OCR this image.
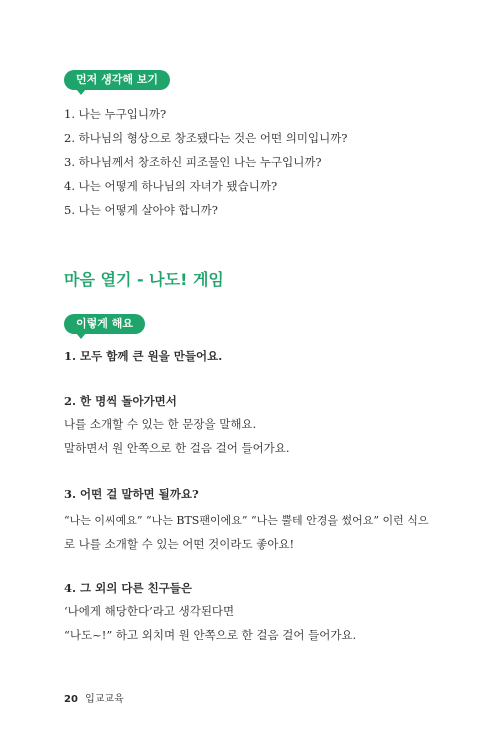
먼저 생각해 보기
1. 나는 누구입니까?
2. 하나님의 형상으로 창조됐다는 것은 어떤 의미입니까?
3. 하나님께서 창조하신 피조물인 나는 누구입니까?
4. 나는 어떻게 하나님의 자녀가 됐습니까?
5. 나는 어떻게 살아야 합니까?
마음 열기 - 나도! 게임
이렇게 해요
1. 모두 함께 큰 원을 만들어요.
2. 한 명씩 돌아가면서
나를 소개할 수 있는 한 문장을 말해요.
말하면서 원 안쪽으로 한 걸음 걸어 들어가요.
3. 어떤 걸 말하면 될까요?
“나는 이씨예요” “나는 BTS팬이에요” “나는 뿔테 안경을 썼어요” 이런 식으
로 나를 소개할 수 있는 어떤 것이라도 좋아요!
4. 그 외의 다른 친구들은
‘나에게 해당한다’라고 생각된다면
“나도~!” 하고 외치며 원 안쪽으로 한 걸음 걸어 들어가요.
20 입교교육
